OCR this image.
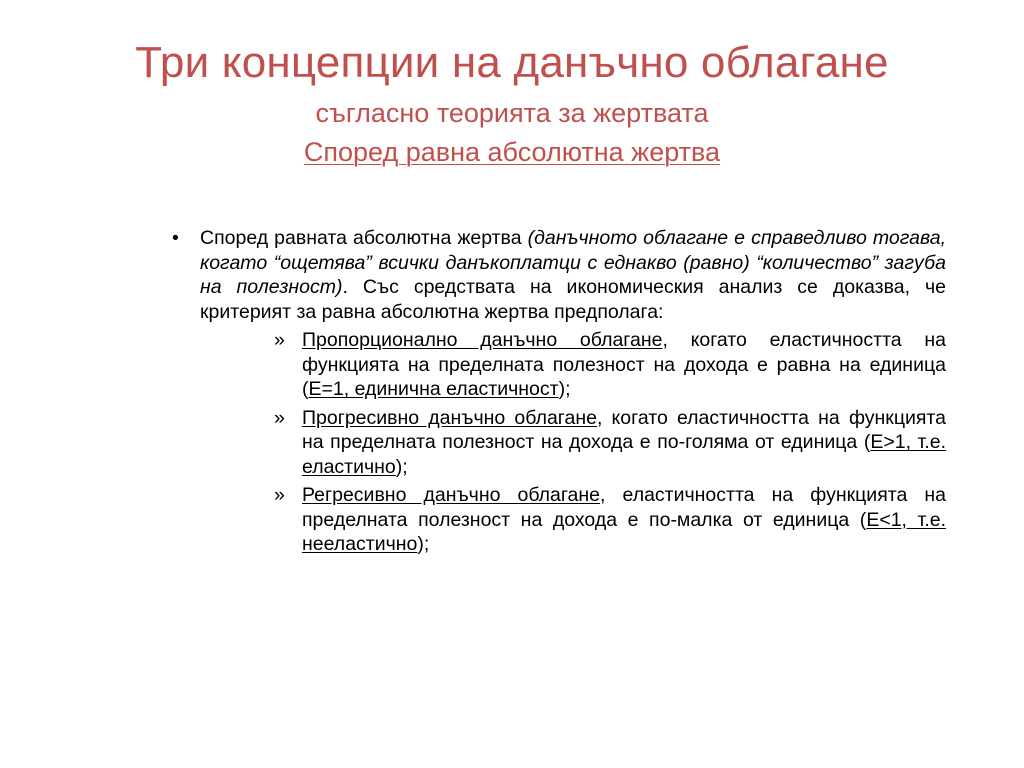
Три концепции на данъчно облагане
съгласно теорията за жертвата
Според равна абсолютна жертва
• Според равната абсолютна жертва (данъчното облагане е справедливо тогава, когато “ощетява” всички данъкоплатци с еднакво (равно) “количество” загуба на полезност). Със средствата на икономическия анализ се доказва, че критерият за равна абсолютна жертва предполага:
» Пропорционално данъчно облагане, когато еластичността на функцията на пределната полезност на дохода е равна на единица (E=1, единична еластичност);
» Прогресивно данъчно облагане, когато еластичността на функцията на пределната полезност на дохода е по-голяма от единица (E>1, т.е. еластично);
» Регресивно данъчно облагане, еластичността на функцията на пределната полезност на дохода е по-малка от единица (E<1, т.е. нееластично);
